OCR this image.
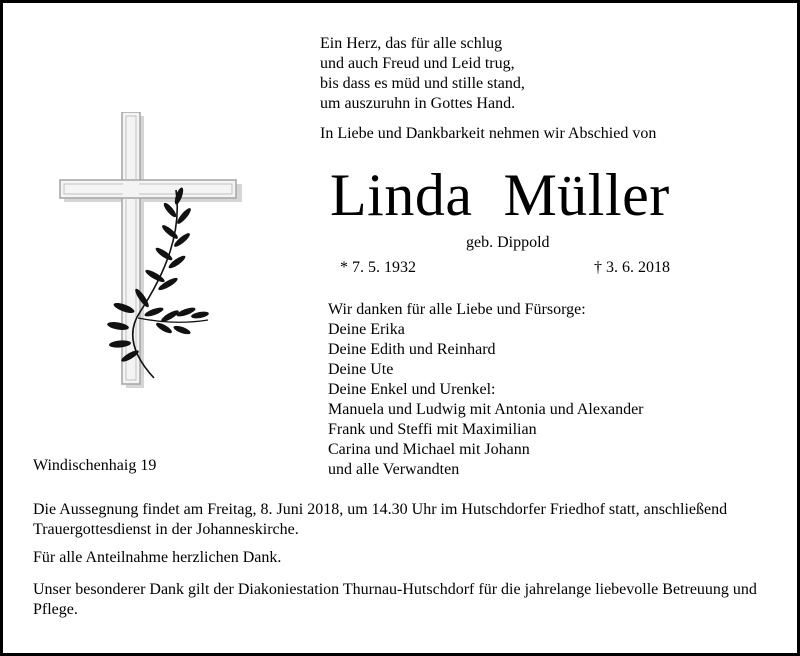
Ein Herz, das für alle schlug
und auch Freud und Leid trug,
bis dass es müd und stille stand,
um auszuruhn in Gottes Hand.
In Liebe und Dankbarkeit nehmen wir Abschied von
Linda  Müller
geb. Dippold
* 7. 5. 1932	† 3. 6. 2018
Wir danken für alle Liebe und Fürsorge:
Deine Erika
Deine Edith und Reinhard
Deine Ute
Deine Enkel und Urenkel:
Manuela und Ludwig mit Antonia und Alexander
Frank und Steffi mit Maximilian
Carina und Michael mit Johann
und alle Verwandten
Windischenhaig 19
Die Aussegnung findet am Freitag, 8. Juni 2018, um 14.30 Uhr im Hutschdorfer Friedhof statt, anschließend Trauergottesdienst in der Johanneskirche.
Für alle Anteilnahme herzlichen Dank.
Unser besonderer Dank gilt der Diakoniestation Thurnau-Hutschdorf für die jahrelange liebevolle Betreuung und Pflege.
